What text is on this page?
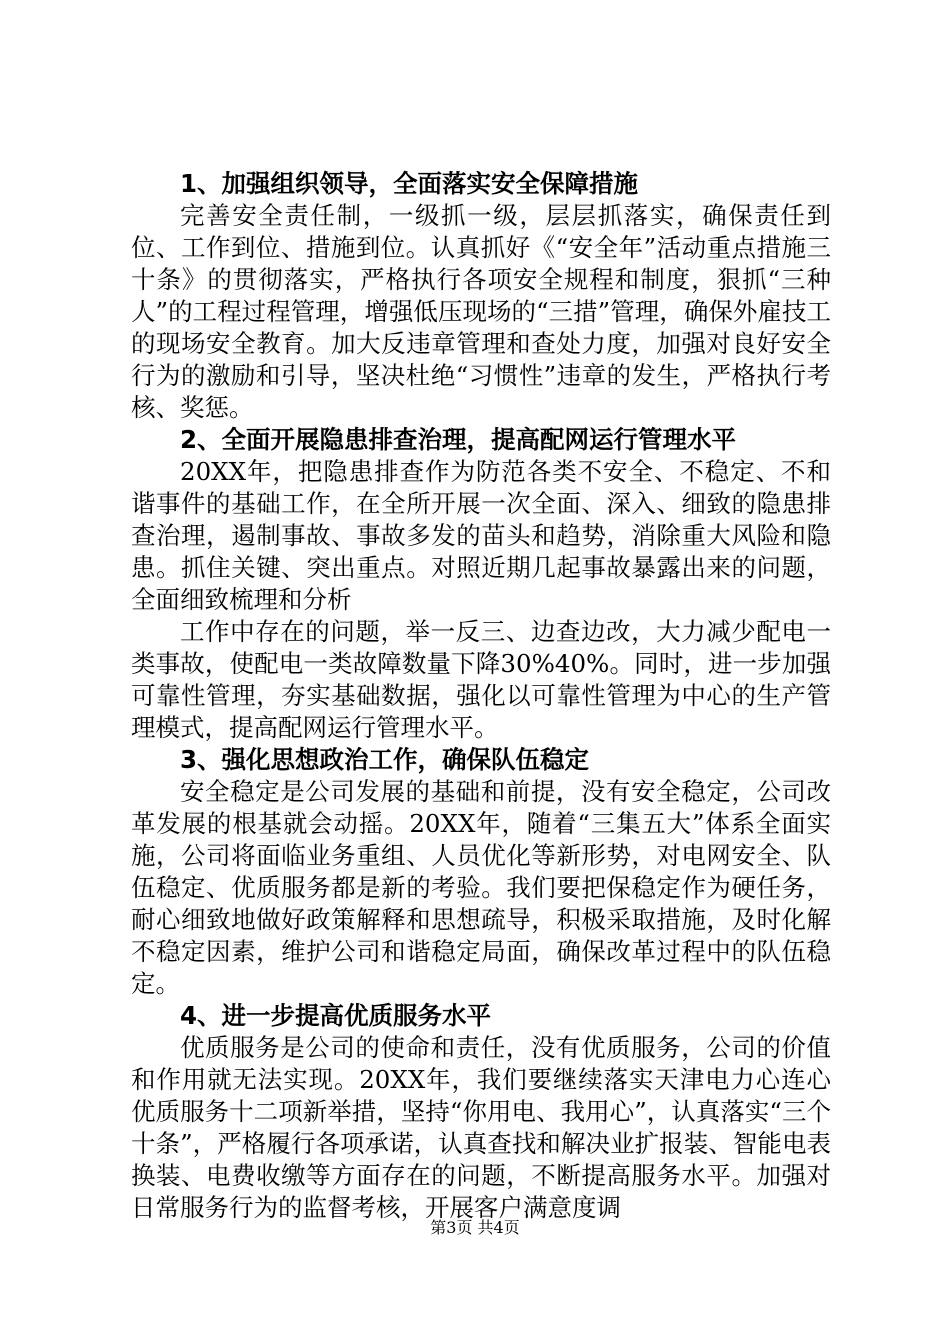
1、加强组织领导，全面落实安全保障措施

完善安全责任制，一级抓一级，层层抓落实，确保责任到位、工作到位、措施到位。认真抓好《“安全年”活动重点措施三十条》的贯彻落实，严格执行各项安全规程和制度，狠抓“三种人”的工程过程管理，增强低压现场的“三措”管理，确保外雇技工的现场安全教育。加大反违章管理和查处力度，加强对良好安全行为的激励和引导，坚决杜绝“习惯性”违章的发生，严格执行考核、奖惩。

2、全面开展隐患排查治理，提高配网运行管理水平

20XX年，把隐患排查作为防范各类不安全、不稳定、不和谐事件的基础工作，在全所开展一次全面、深入、细致的隐患排查治理，遏制事故、事故多发的苗头和趋势，消除重大风险和隐患。抓住关键、突出重点。对照近期几起事故暴露出来的问题，全面细致梳理和分析

工作中存在的问题，举一反三、边查边改，大力减少配电一类事故，使配电一类故障数量下降30%40%。同时，进一步加强可靠性管理，夯实基础数据，强化以可靠性管理为中心的生产管理模式，提高配网运行管理水平。

3、强化思想政治工作，确保队伍稳定

安全稳定是公司发展的基础和前提，没有安全稳定，公司改革发展的根基就会动摇。20XX年，随着“三集五大”体系全面实施，公司将面临业务重组、人员优化等新形势，对电网安全、队伍稳定、优质服务都是新的考验。我们要把保稳定作为硬任务，耐心细致地做好政策解释和思想疏导，积极采取措施，及时化解不稳定因素，维护公司和谐稳定局面，确保改革过程中的队伍稳定。

4、进一步提高优质服务水平

优质服务是公司的使命和责任，没有优质服务，公司的价值和作用就无法实现。20XX年，我们要继续落实天津电力心连心优质服务十二项新举措，坚持“你用电、我用心”，认真落实“三个十条”，严格履行各项承诺，认真查找和解决业扩报装、智能电表换装、电费收缴等方面存在的问题，不断提高服务水平。加强对日常服务行为的监督考核，开展客户满意度调

第3页 共4页
